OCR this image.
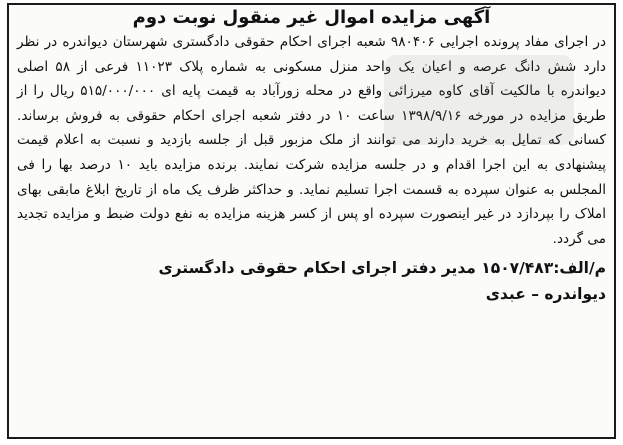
آگهی مزایده اموال غیر منقول نوبت دوم

در اجرای مفاد پرونده اجرایی ۹۸۰۴۰۶ شعبه اجرای احکام حقوقی دادگستری شهرستان دیواندره در نظر دارد شش دانگ عرصه و اعیان یک واحد منزل مسکونی به شماره پلاک ۱۱۰۲۳ فرعی از ۵۸ اصلی دیواندره با مالکیت آقای کاوه میرزائی واقع در محله زورآباد به قیمت پایه ای ۵۱۵/۰۰۰/۰۰۰ ریال را از طریق مزایده در مورخه ۱۳۹۸/۹/۱۶ ساعت ۱۰ در دفتر شعبه اجرای احکام حقوقی به فروش برساند. کسانی که تمایل به خرید دارند می توانند از ملک مزبور قبل از جلسه بازدید و نسبت به اعلام قیمت پیشنهادی به این اجرا اقدام و در جلسه مزایده شرکت نمایند. برنده مزایده باید ۱۰ درصد بها را فی المجلس به عنوان سپرده به قسمت اجرا تسلیم نماید. و حداکثر ظرف یک ماه از تاریخ ابلاغ مابقی بهای املاک را بپردازد در غیر اینصورت سپرده او پس از کسر هزینه مزایده به نفع دولت ضبط و مزایده تجدید می گردد.

م/الف:۱۵۰۷/۴۸۳ مدیر دفتر اجرای احکام حقوقی دادگستری
دیواندره – عبدی
